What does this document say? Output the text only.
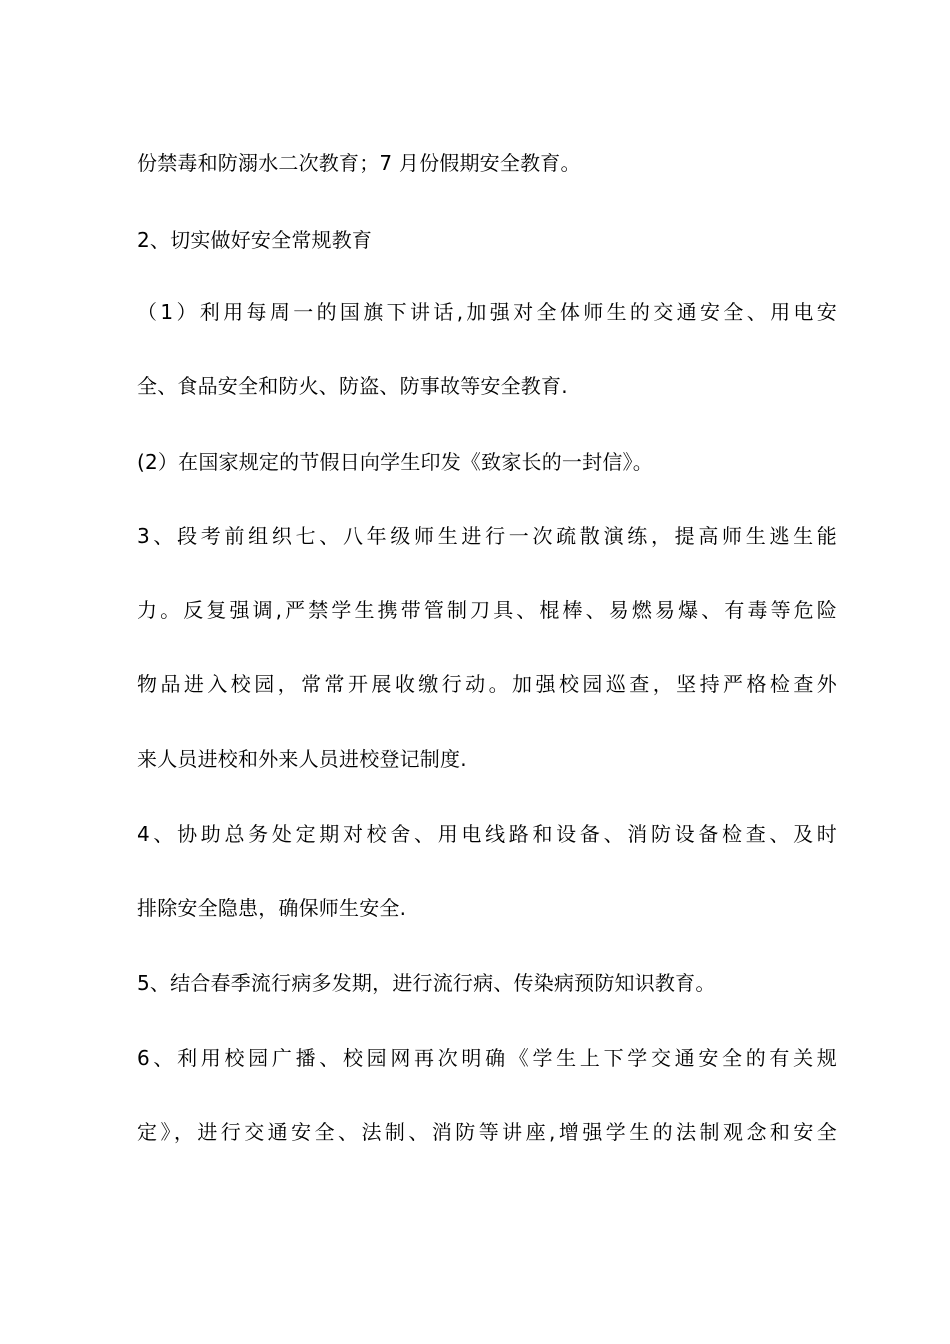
份禁毒和防溺水二次教育；7 月份假期安全教育。
2、切实做好安全常规教育
（1）利用每周一的国旗下讲话,加强对全体师生的交通安全、用电安
全、食品安全和防火、防盗、防事故等安全教育.
(2）在国家规定的节假日向学生印发《致家长的一封信》。
3、段考前组织七、八年级师生进行一次疏散演练，提高师生逃生能
力。反复强调,严禁学生携带管制刀具、棍棒、易燃易爆、有毒等危险
物品进入校园，常常开展收缴行动。加强校园巡查，坚持严格检查外
来人员进校和外来人员进校登记制度.
4、协助总务处定期对校舍、用电线路和设备、消防设备检查、及时
排除安全隐患，确保师生安全.
5、结合春季流行病多发期，进行流行病、传染病预防知识教育。
6、利用校园广播、校园网再次明确《学生上下学交通安全的有关规
定》，进行交通安全、法制、消防等讲座,增强学生的法制观念和安全
